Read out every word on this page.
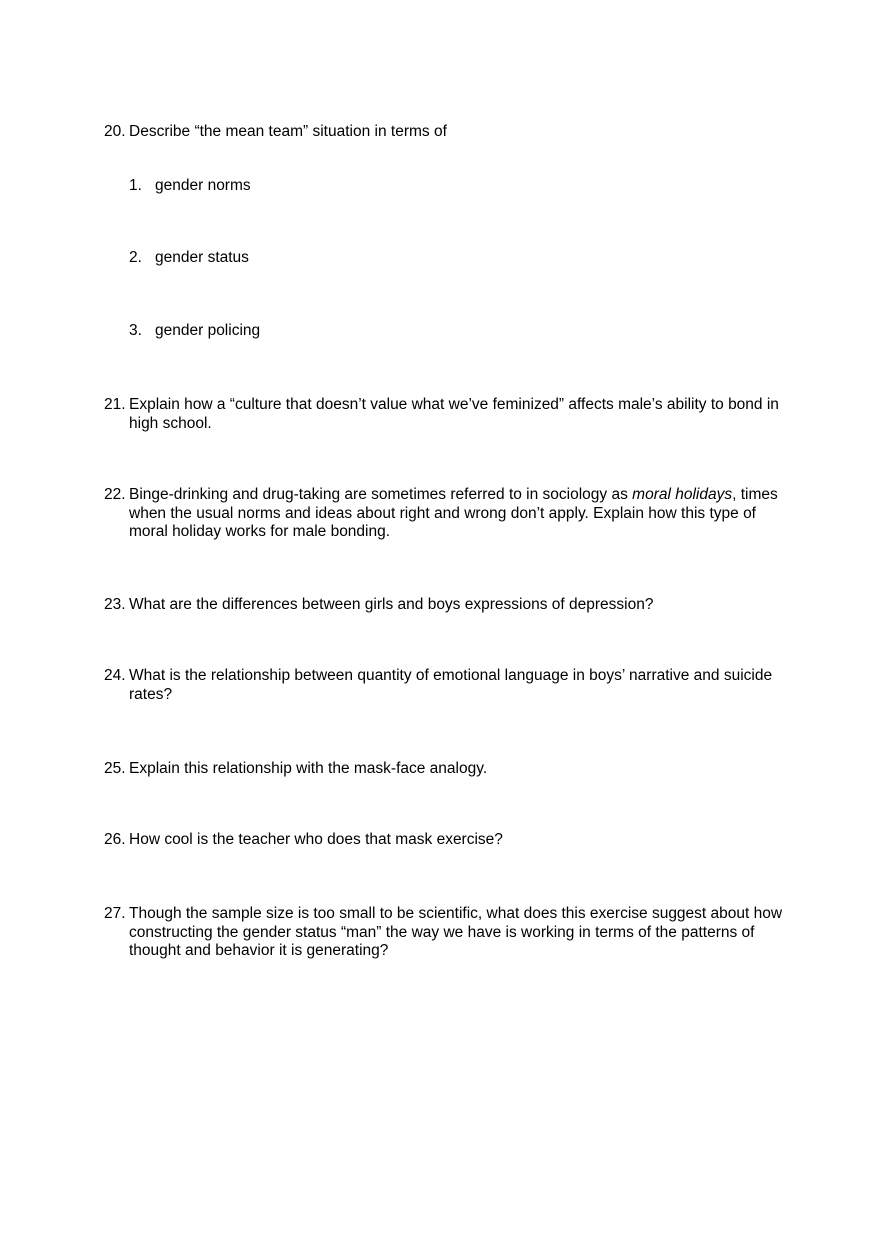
20. Describe “the mean team” situation in terms of
1. gender norms
2. gender status
3. gender policing
21. Explain how a “culture that doesn’t value what we’ve feminized” affects male’s ability to bond in high school.
22. Binge-drinking and drug-taking are sometimes referred to in sociology as moral holidays, times when the usual norms and ideas about right and wrong don’t apply. Explain how this type of moral holiday works for male bonding.
23. What are the differences between girls and boys expressions of depression?
24. What is the relationship between quantity of emotional language in boys’ narrative and suicide rates?
25. Explain this relationship with the mask-face analogy.
26. How cool is the teacher who does that mask exercise?
27. Though the sample size is too small to be scientific, what does this exercise suggest about how constructing the gender status “man” the way we have is working in terms of the patterns of thought and behavior it is generating?
